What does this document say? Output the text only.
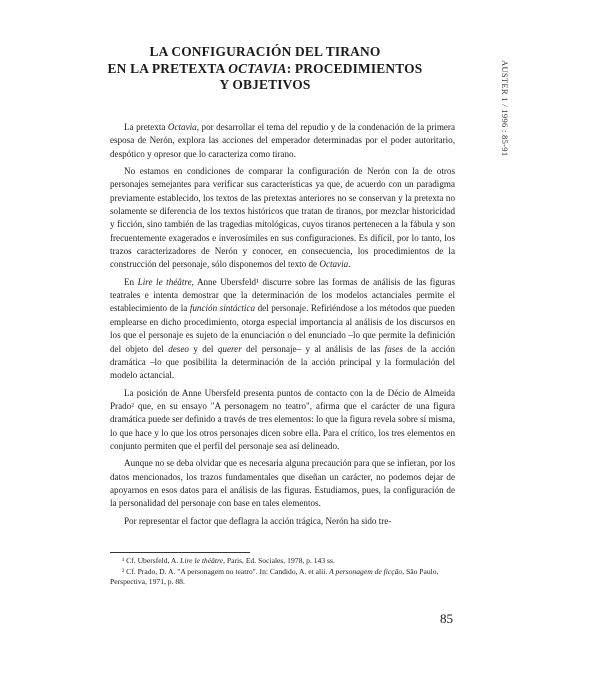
LA CONFIGURACIÓN DEL TIRANO
EN LA PRETEXTA OCTAVIA: PROCEDIMIENTOS
Y OBJETIVOS	AUSTER 1 / 1996 : 85-91

La pretexta Octavia, por desarrollar el tema del repudio y de la condenación de la primera esposa de Nerón, explora las acciones del emperador determinadas por el poder autoritario, despótico y opresor que lo caracteriza como tirano.

No estamos en condiciones de comparar la configuración de Nerón con la de otros personajes semejantes para verificar sus características ya que, de acuerdo con un paradigma previamente establecido, los textos de las pretextas anteriores no se conservan y la pretexta no solamente se diferencia de los textos históricos que tratan de tiranos, por mezclar historicidad y ficción, sino también de las tragedias mitológicas, cuyos tiranos pertenecen a la fábula y son frecuentemente exagerados e inverosímiles en sus configuraciones. Es difícil, por lo tanto, los trazos caracterizadores de Nerón y conocer, en consecuencia, los procedimientos de la construcción del personaje, sólo disponemos del texto de Octavia.

En Lire le théâtre, Anne Ubersfeld¹ discurre sobre las formas de análisis de las figuras teatrales e intenta demostrar que la determinación de los modelos actanciales permite el establecimiento de la función sintáctica del personaje. Refiriéndose a los métodos que pueden emplearse en dicho procedimiento, otorga especial importancia al análisis de los discursos en los que el personaje es sujeto de la enunciación o del enunciado –lo que permite la definición del objeto del deseo y del querer del personaje– y al análisis de las fases de la acción dramática –lo que posibilita la determinación de la acción principal y la formulación del modelo actancial.

La posición de Anne Ubersfeld presenta puntos de contacto con la de Décio de Almeida Prado² que, en su ensayo "A personagem no teatro", afirma que el carácter de una figura dramática puede ser definido a través de tres elementos: lo que la figura revela sobre sí misma, lo que hace y lo que los otros personajes dicen sobre ella. Para el crítico, los tres elementos en conjunto permiten que el perfil del personaje sea así delineado.

Aunque no se deba olvidar que es necesaria alguna precaución para que se infieran, por los datos mencionados, los trazos fundamentales que diseñan un carácter, no podemos dejar de apoyarnos en esos datos para el análisis de las figuras. Estudiamos, pues, la configuración de la personalidad del personaje con base en tales elementos.

Por representar el factor que deflagra la acción trágica, Nerón ha sido tre-

¹ Cf. Ubersfeld, A. Lire le théâtre, Paris, Ed. Sociales, 1978, p. 143 ss.
² Cf. Prado, D. A. "A personagem no teatro". In: Candido, A. et alii. A personagem de ficção, São Paulo, Perspectiva, 1971, p. 88.
85
